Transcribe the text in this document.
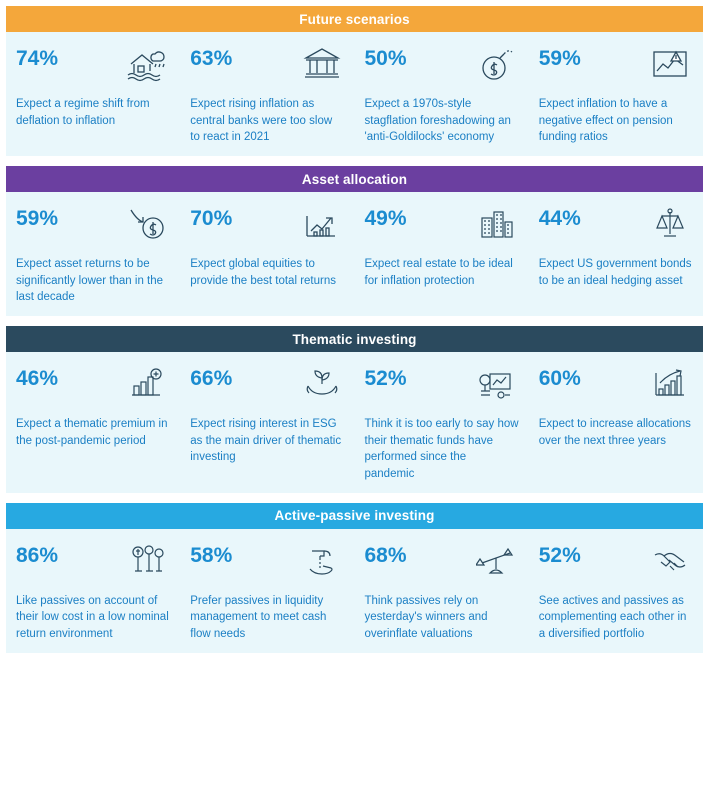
Future scenarios
74%
Expect a regime shift from deflation to inflation
63%
Expect rising inflation as central banks were too slow to react in 2021
50%
Expect a 1970s-style stagflation foreshadowing an 'anti-Goldilocks' economy
59%
Expect inflation to have a negative effect on pension funding ratios
Asset allocation
59%
Expect asset returns to be significantly lower than in the last decade
70%
Expect global equities to provide the best total returns
49%
Expect real estate to be ideal for inflation protection
44%
Expect US government bonds to be an ideal hedging asset
Thematic investing
46%
Expect a thematic premium in the post-pandemic period
66%
Expect rising interest in ESG as the main driver of thematic investing
52%
Think it is too early to say how their thematic funds have performed since the pandemic
60%
Expect to increase allocations over the next three years
Active-passive investing
86%
Like passives on account of their low cost in a low nominal return environment
58%
Prefer passives in liquidity management to meet cash flow needs
68%
Think passives rely on yesterday's winners and overinflate valuations
52%
See actives and passives as complementing each other in a diversified portfolio
